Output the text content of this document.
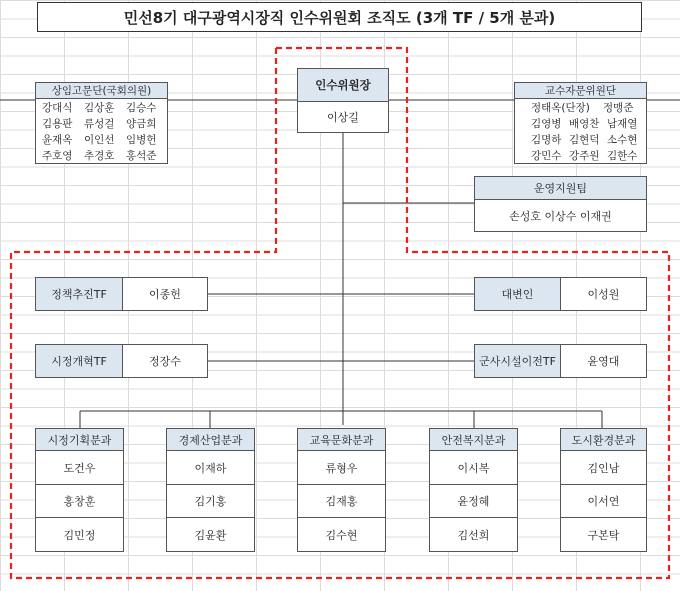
민선8기 대구광역시장직 인수위원회 조직도 (3개 TF / 5개 분과)
인수위원장
이상길
상임고문단(국회의원)
강대식	김상훈	김승수
김용판	류성걸	양금희
윤재옥	이인선	임병헌
주호영	추경호	홍석준
교수자문위원단
정태옥(단장)	정맹준
김영병 배영찬 남재열
김명하 김현덕 소수현
강민수 강주원 김한수
운영지원팀
손성호 이상수 이재권
정책추진TF	이종헌
시정개혁TF	정장수
대변인	이성원
군사시설이전TF	윤영대
시정기획분과
도건우
홍창훈
김민정
경제산업분과
이재하
김기홍
김윤환
교육문화분과
류형우
김재홍
김수현
안전복지분과
이시복
윤정혜
김선희
도시환경분과
김인남
이서연
구본탁
